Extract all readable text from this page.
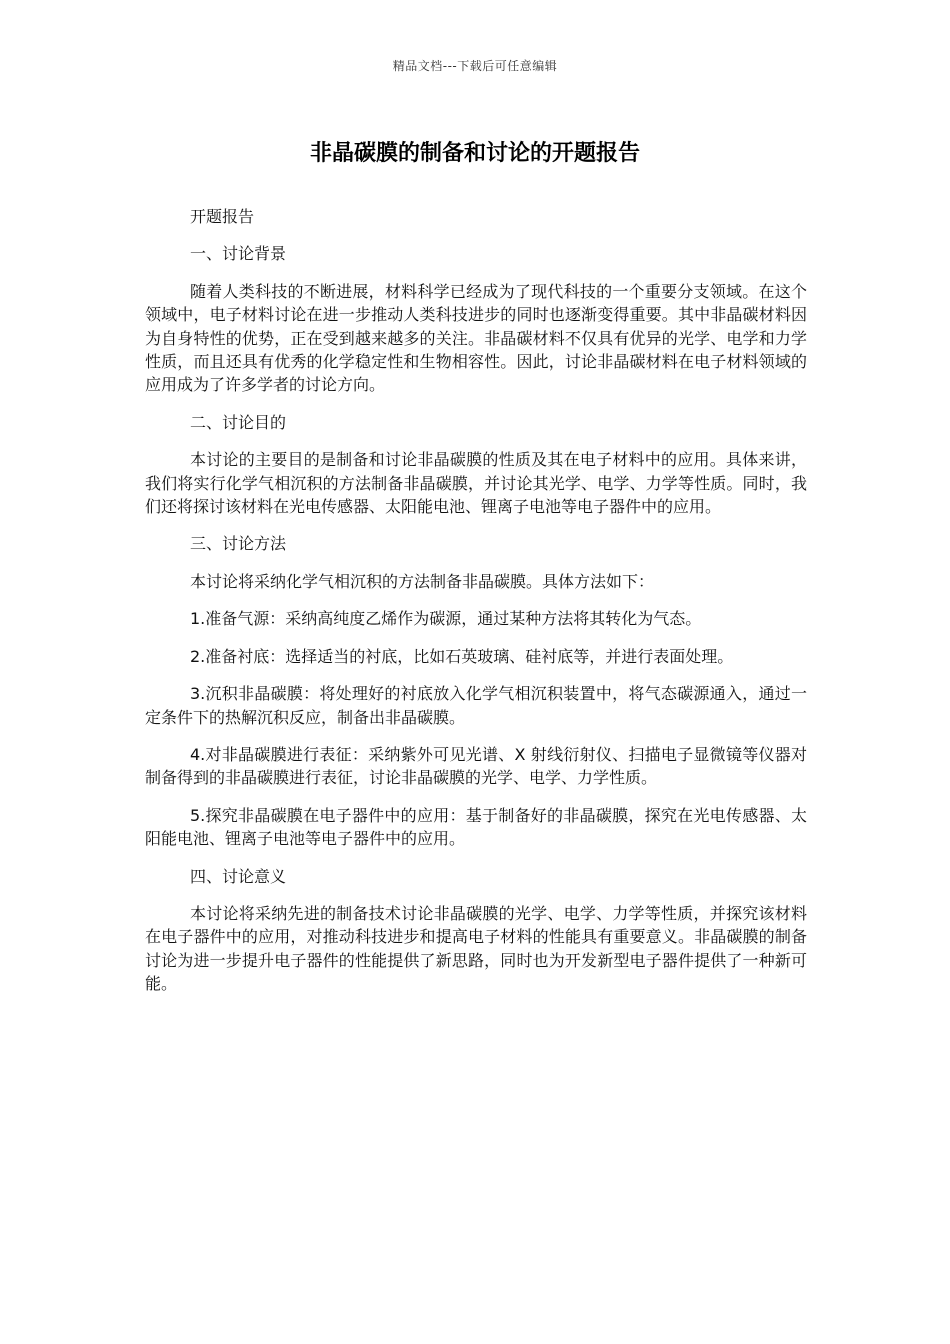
精品文档---下载后可任意编辑
非晶碳膜的制备和讨论的开题报告

开题报告

一、讨论背景

随着人类科技的不断进展，材料科学已经成为了现代科技的一个重要分支领域。在这个领域中，电子材料讨论在进一步推动人类科技进步的同时也逐渐变得重要。其中非晶碳材料因为自身特性的优势，正在受到越来越多的关注。非晶碳材料不仅具有优异的光学、电学和力学性质，而且还具有优秀的化学稳定性和生物相容性。因此，讨论非晶碳材料在电子材料领域的应用成为了许多学者的讨论方向。

二、讨论目的

本讨论的主要目的是制备和讨论非晶碳膜的性质及其在电子材料中的应用。具体来讲，我们将实行化学气相沉积的方法制备非晶碳膜，并讨论其光学、电学、力学等性质。同时，我们还将探讨该材料在光电传感器、太阳能电池、锂离子电池等电子器件中的应用。

三、讨论方法

本讨论将采纳化学气相沉积的方法制备非晶碳膜。具体方法如下：

1.准备气源：采纳高纯度乙烯作为碳源，通过某种方法将其转化为气态。

2.准备衬底：选择适当的衬底，比如石英玻璃、硅衬底等，并进行表面处理。

3.沉积非晶碳膜：将处理好的衬底放入化学气相沉积装置中，将气态碳源通入，通过一定条件下的热解沉积反应，制备出非晶碳膜。

4.对非晶碳膜进行表征：采纳紫外可见光谱、X 射线衍射仪、扫描电子显微镜等仪器对制备得到的非晶碳膜进行表征，讨论非晶碳膜的光学、电学、力学性质。

5.探究非晶碳膜在电子器件中的应用：基于制备好的非晶碳膜，探究在光电传感器、太阳能电池、锂离子电池等电子器件中的应用。

四、讨论意义

本讨论将采纳先进的制备技术讨论非晶碳膜的光学、电学、力学等性质，并探究该材料在电子器件中的应用，对推动科技进步和提高电子材料的性能具有重要意义。非晶碳膜的制备讨论为进一步提升电子器件的性能提供了新思路，同时也为开发新型电子器件提供了一种新可能。
